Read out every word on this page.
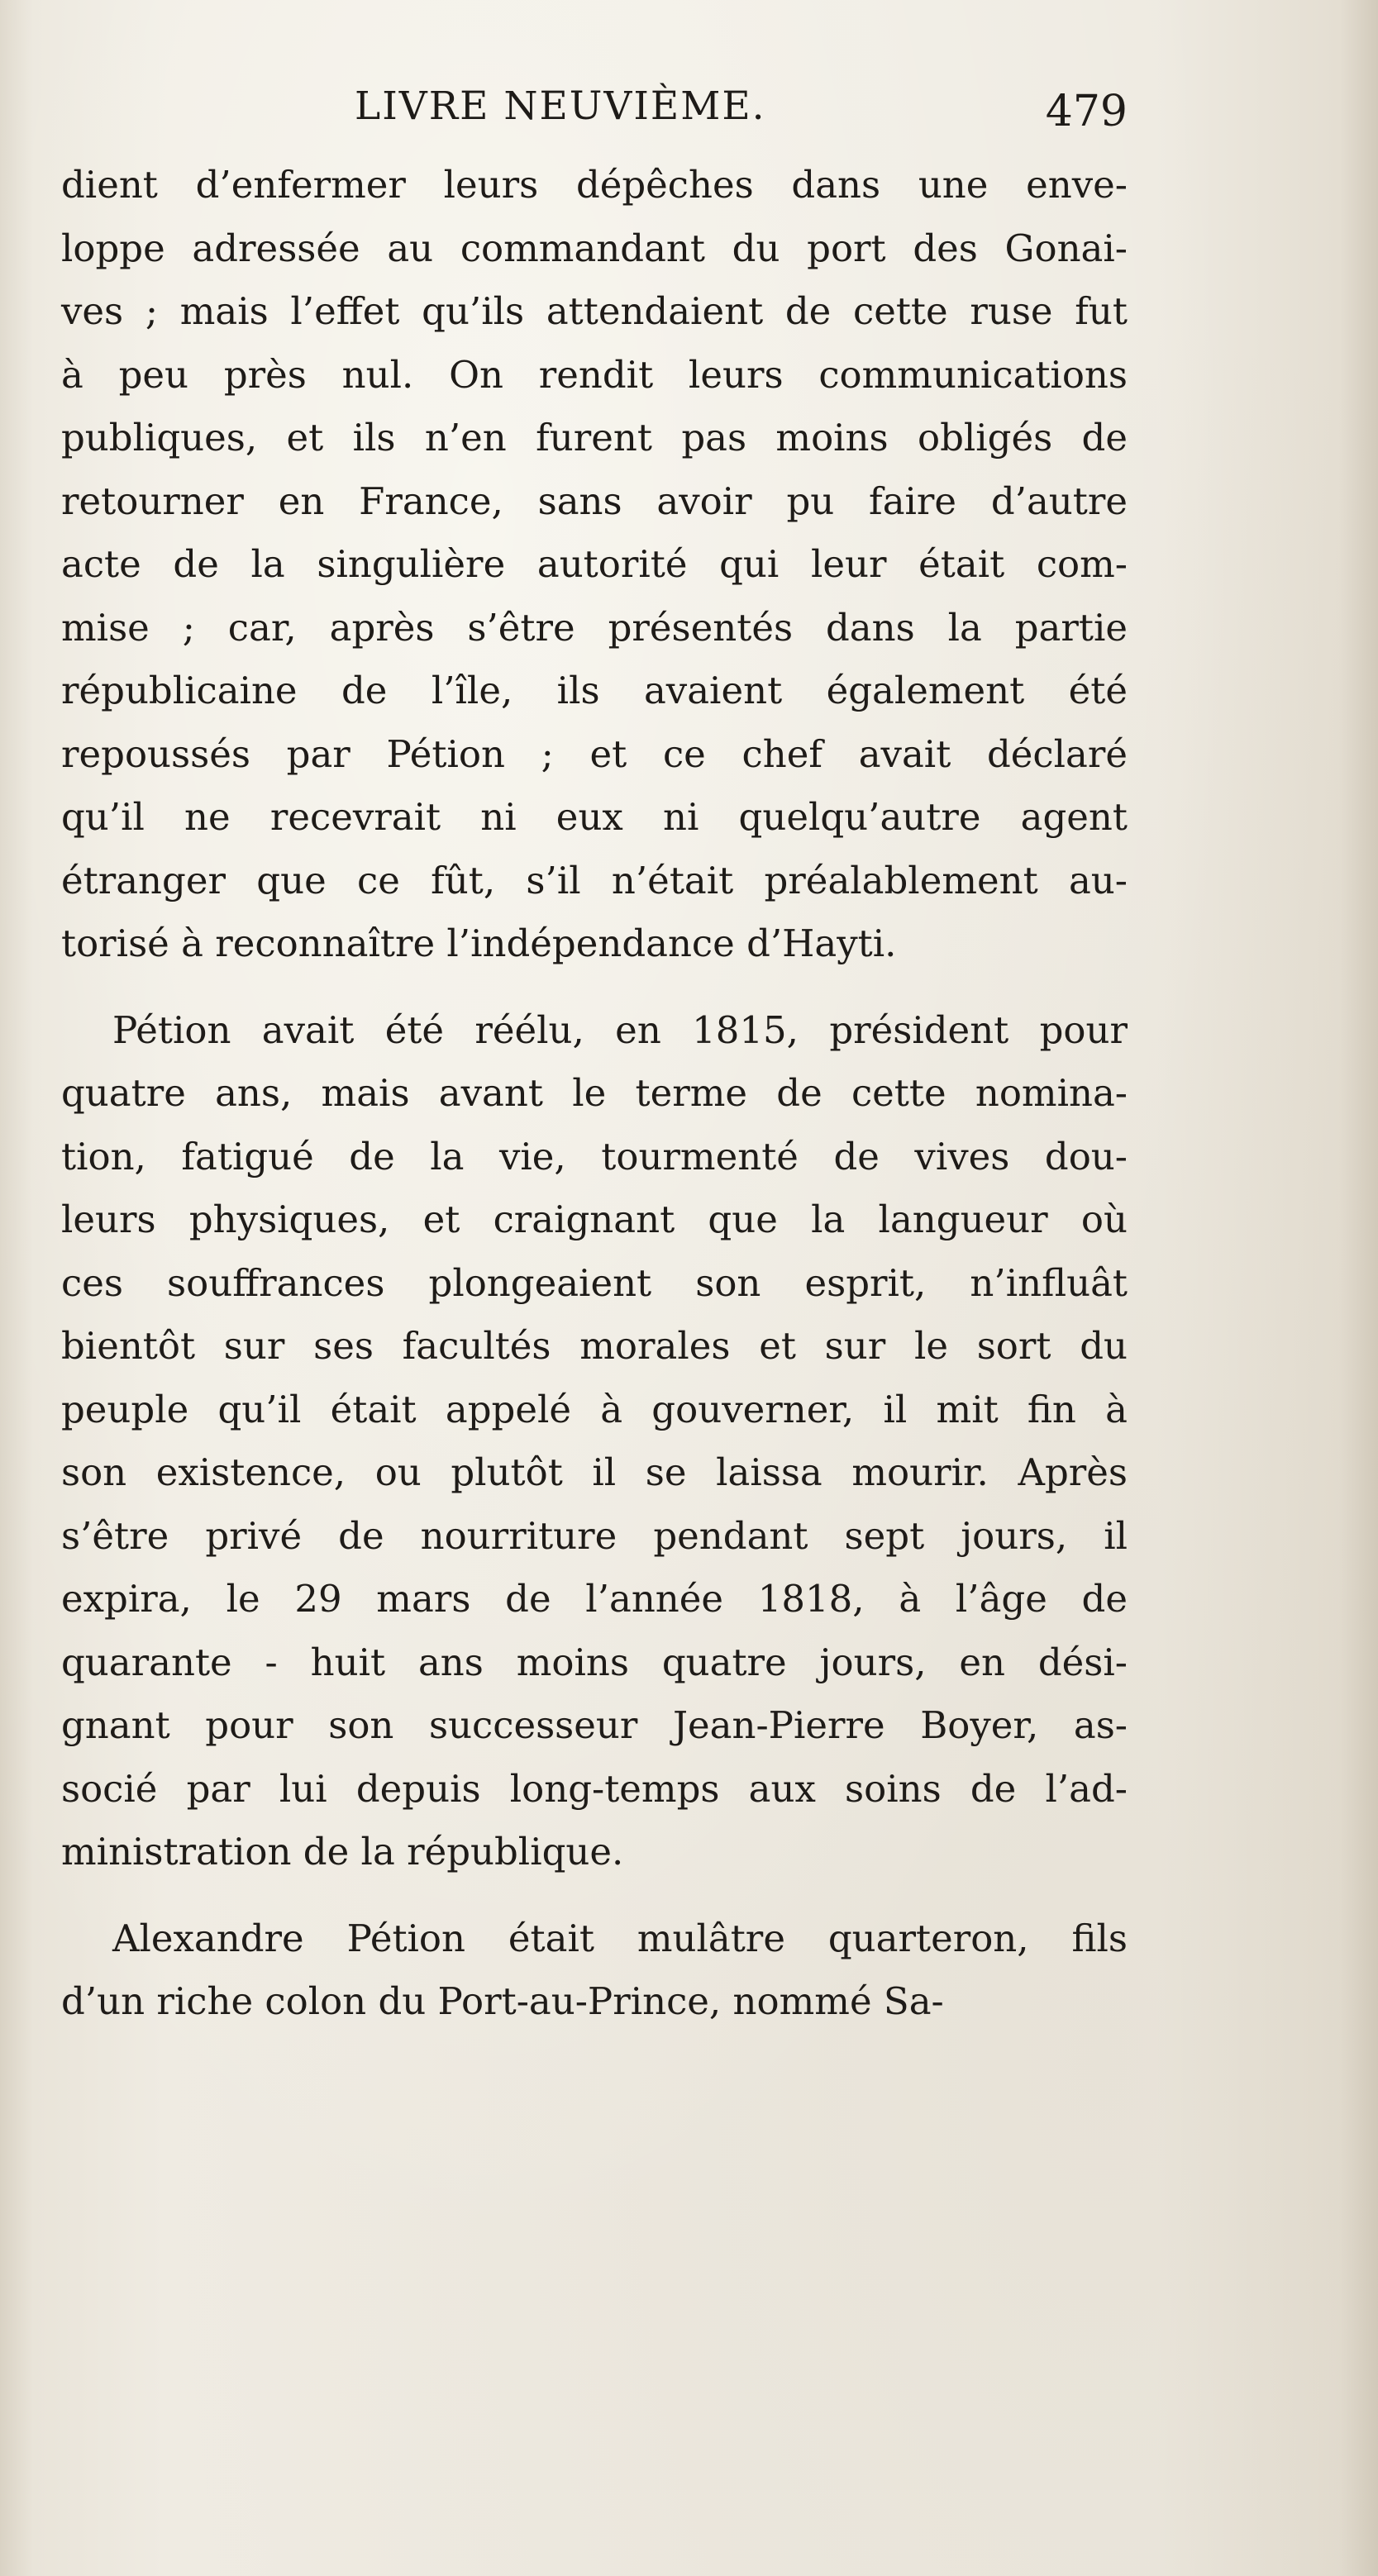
LIVRE NEUVIÈME.	479
dient d’enfermer leurs dépêches dans une enve-
loppe adressée au commandant du port des Gonai-
ves ; mais l’effet qu’ils attendaient de cette ruse fut
à peu près nul. On rendit leurs communications
publiques, et ils n’en furent pas moins obligés de
retourner en France, sans avoir pu faire d’autre
acte de la singulière autorité qui leur était com-
mise ; car, après s’être présentés dans la partie
républicaine de l’île, ils avaient également été
repoussés par Pétion ; et ce chef avait déclaré
qu’il ne recevrait ni eux ni quelqu’autre agent
étranger que ce fût, s’il n’était préalablement au-
torisé à reconnaître l’indépendance d’Hayti.
Pétion avait été réélu, en 1815, président pour
quatre ans, mais avant le terme de cette nomina-
tion, fatigué de la vie, tourmenté de vives dou-
leurs physiques, et craignant que la langueur où
ces souffrances plongeaient son esprit, n’influât
bientôt sur ses facultés morales et sur le sort du
peuple qu’il était appelé à gouverner, il mit fin à
son existence, ou plutôt il se laissa mourir. Après
s’être privé de nourriture pendant sept jours, il
expira, le 29 mars de l’année 1818, à l’âge de
quarante - huit ans moins quatre jours, en dési-
gnant pour son successeur Jean-Pierre Boyer, as-
socié par lui depuis long-temps aux soins de l’ad-
ministration de la république.
Alexandre Pétion était mulâtre quarteron, fils
d’un riche colon du Port-au-Prince, nommé Sa-
